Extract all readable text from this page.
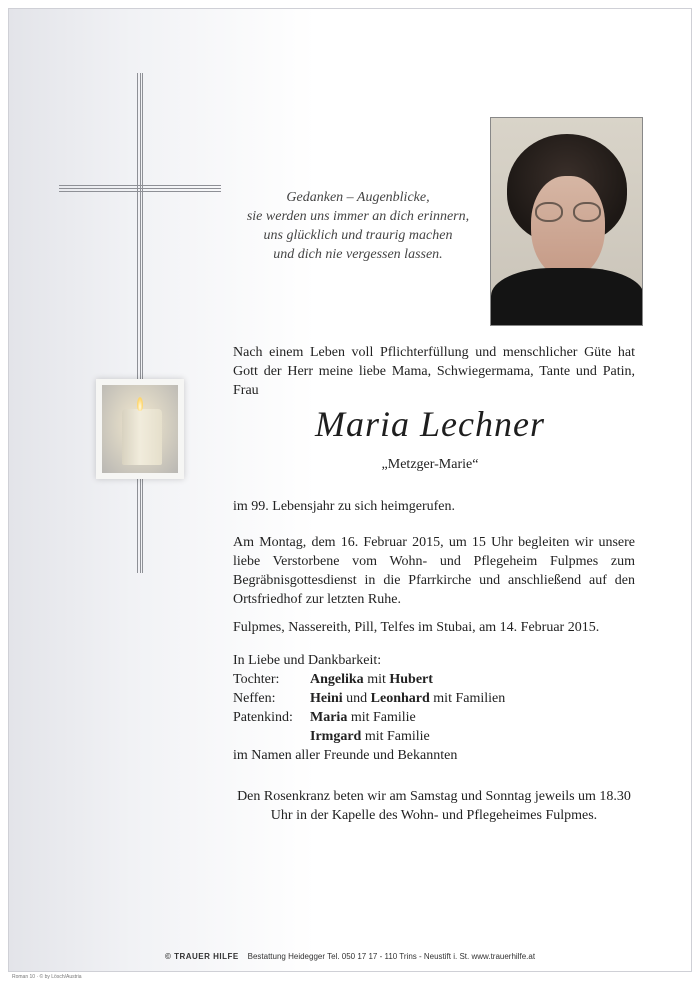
Gedanken – Augenblicke,
sie werden uns immer an dich erinnern,
uns glücklich und traurig machen
und dich nie vergessen lassen.
Nach einem Leben voll Pflichterfüllung und menschlicher Güte hat Gott der Herr meine liebe Mama, Schwiegermama, Tante und Patin, Frau
Maria Lechner
„Metzger-Marie“
im 99. Lebensjahr zu sich heimgerufen.
Am Montag, dem 16. Februar 2015, um 15 Uhr begleiten wir unsere liebe Verstorbene vom Wohn- und Pflegeheim Fulpmes zum Begräbnisgottesdienst in die Pfarrkirche und anschließend auf den Ortsfriedhof zur letzten Ruhe.
Fulpmes, Nassereith, Pill, Telfes im Stubai, am 14. Februar 2015.
In Liebe und Dankbarkeit:
Tochter:	Angelika mit Hubert
Neffen:	Heini und Leonhard mit Familien
Patenkind:	Maria mit Familie
Irmgard mit Familie
im Namen aller Freunde und Bekannten
Den Rosenkranz beten wir am Samstag und Sonntag jeweils um 18.30 Uhr in der Kapelle des Wohn- und Pflegeheimes Fulpmes.
© TRAUER HILFE Bestattung Heidegger Tel. 050 17 17 - 110 Trins - Neustift i. St. www.trauerhilfe.at
Roman 10 · © by Lösch/Austria
